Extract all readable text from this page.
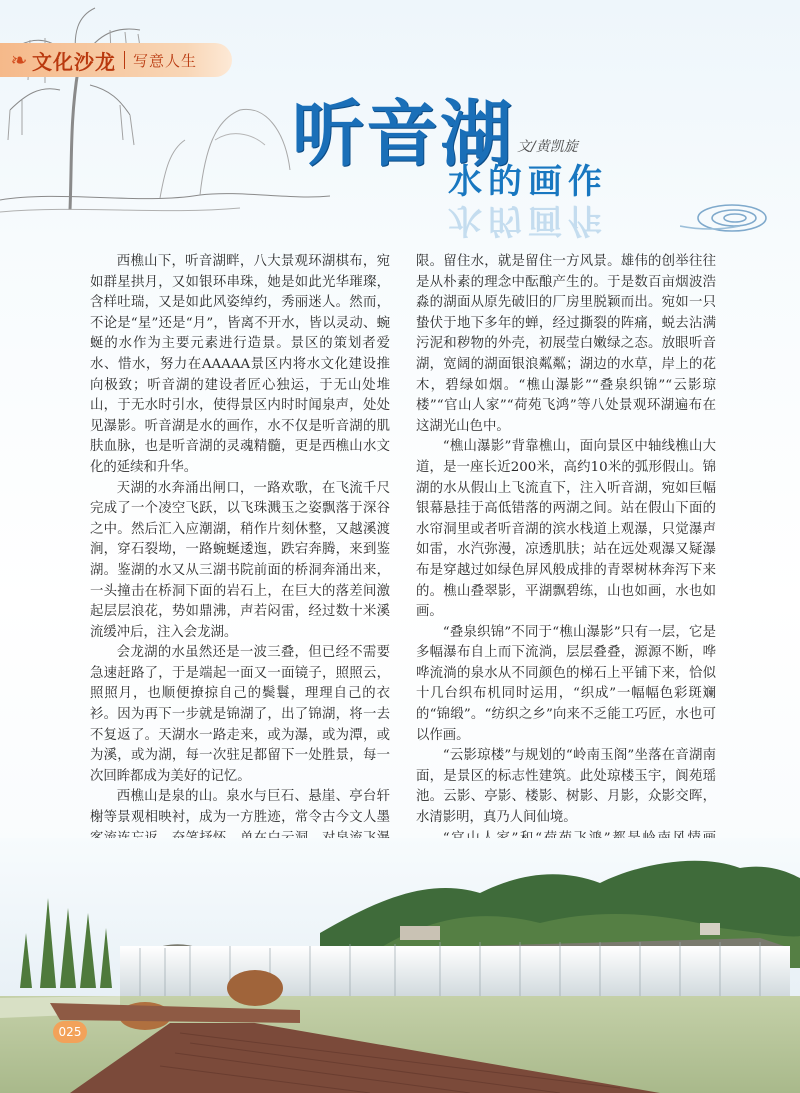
❧ 文化沙龙 写意人生
听音湖 文/黄凯旋
水的画作
水的画作

西樵山下，听音湖畔，八大景观环湖棋布，宛如群星拱月，又如银环串珠，她是如此光华璀璨，含样吐瑞，又是如此风姿绰约，秀丽迷人。然而，不论是“星”还是“月”，皆离不开水，皆以灵动、蜿蜒的水作为主要元素进行造景。景区的策划者爱水、惜水，努力在AAAAA景区内将水文化建设推向极致；听音湖的建设者匠心独运，于无山处堆山，于无水时引水，使得景区内时时闻泉声，处处见瀑影。听音湖是水的画作，水不仅是听音湖的肌肤血脉，也是听音湖的灵魂精髓，更是西樵山水文化的延续和升华。

天湖的水奔涌出闸口，一路欢歌，在飞流千尺完成了一个凌空飞跃，以飞珠溅玉之姿飘落于深谷之中。然后汇入应潮湖，稍作片刻休整，又越溪渡涧，穿石裂坳，一路蜿蜒逶迤，跌宕奔腾，来到鉴湖。鉴湖的水又从三湖书院前面的桥洞奔涌出来，一头撞击在桥洞下面的岩石上，在巨大的落差间激起层层浪花，势如鼎沸，声若闷雷，经过数十米溪流缓冲后，注入会龙湖。

会龙湖的水虽然还是一波三叠，但已经不需要急速赶路了，于是端起一面又一面镜子，照照云，照照月，也顺便撩掠自己的鬓鬟，理理自己的衣衫。因为再下一步就是锦湖了，出了锦湖，将一去不复返了。天湖水一路走来，或为瀑，或为潭，或为溪，或为湖，每一次驻足都留下一处胜景，每一次回眸都成为美好的记忆。

西樵山是泉的山。泉水与巨石、悬崖、亭台轩榭等景观相映衬，成为一方胜迹，常令古今文人墨

限。留住水，就是留住一方风景。雄伟的创举往往是从朴素的理念中酝酿产生的。于是数百亩烟波浩淼的湖面从原先破旧的厂房里脱颖而出。宛如一只蛰伏于地下多年的蝉，经过撕裂的阵痛，蜕去沾满污泥和秽物的外壳，初展莹白嫩绿之态。放眼听音湖，宽阔的湖面银浪粼粼；湖边的水草，岸上的花木，碧绿如烟。“樵山瀑影”“叠泉织锦”“云影琼楼”“官山人家”“荷苑飞鸿”等八处景观环湖遍布在这湖光山色中。

“樵山瀑影”背靠樵山，面向景区中轴线樵山大道，是一座长近200米，高约10米的弧形假山。锦湖的水从假山上飞流直下，注入听音湖，宛如巨幅银幕悬挂于高低错落的两湖之间。站在假山下面的水帘洞里或者听音湖的滨水栈道上观瀑，只觉瀑声如雷，水汽弥漫，凉透肌肤；站在远处观瀑又疑瀑布是穿越过如绿色屏风般成排的青翠树林奔泻下来的。樵山叠翠影，平湖飘碧练，山也如画，水也如画。

“叠泉织锦”不同于“樵山瀑影”只有一层，它是多幅瀑布自上而下流淌，层层叠叠，源源不断，哗哗流淌的泉水从不同颜色的梯石上平铺下来，恰似十几台织布机同时运用，“织成”一幅幅色彩斑斓的“锦缎”。“纺织之乡”向来不乏能工巧匠，水也可以作画。

“云影琼楼”与规划的“岭南玉阁”坐落在音湖南面，是景区的标志性建筑。此处琼楼玉宇，阆苑瑶池。云影、亭影、楼影、树影、月影，众影交晖，水清影明，真乃人间仙境。

025
